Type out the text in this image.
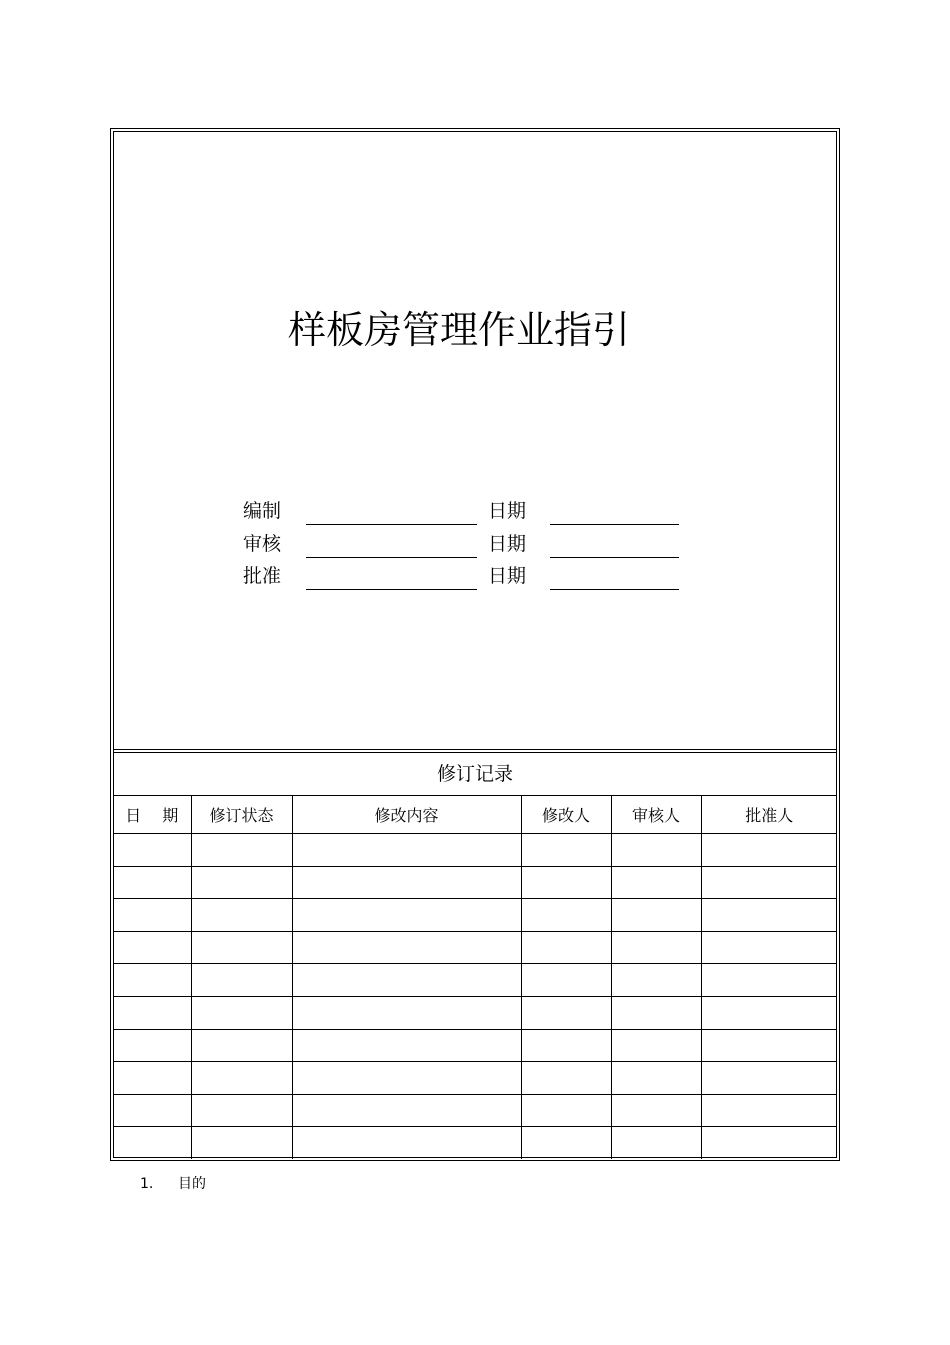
样板房管理作业指引
编制	日期
审核	日期
批准	日期
修订记录
日　 期	修订状态	修改内容	修改人	审核人	批准人

1. 目的
